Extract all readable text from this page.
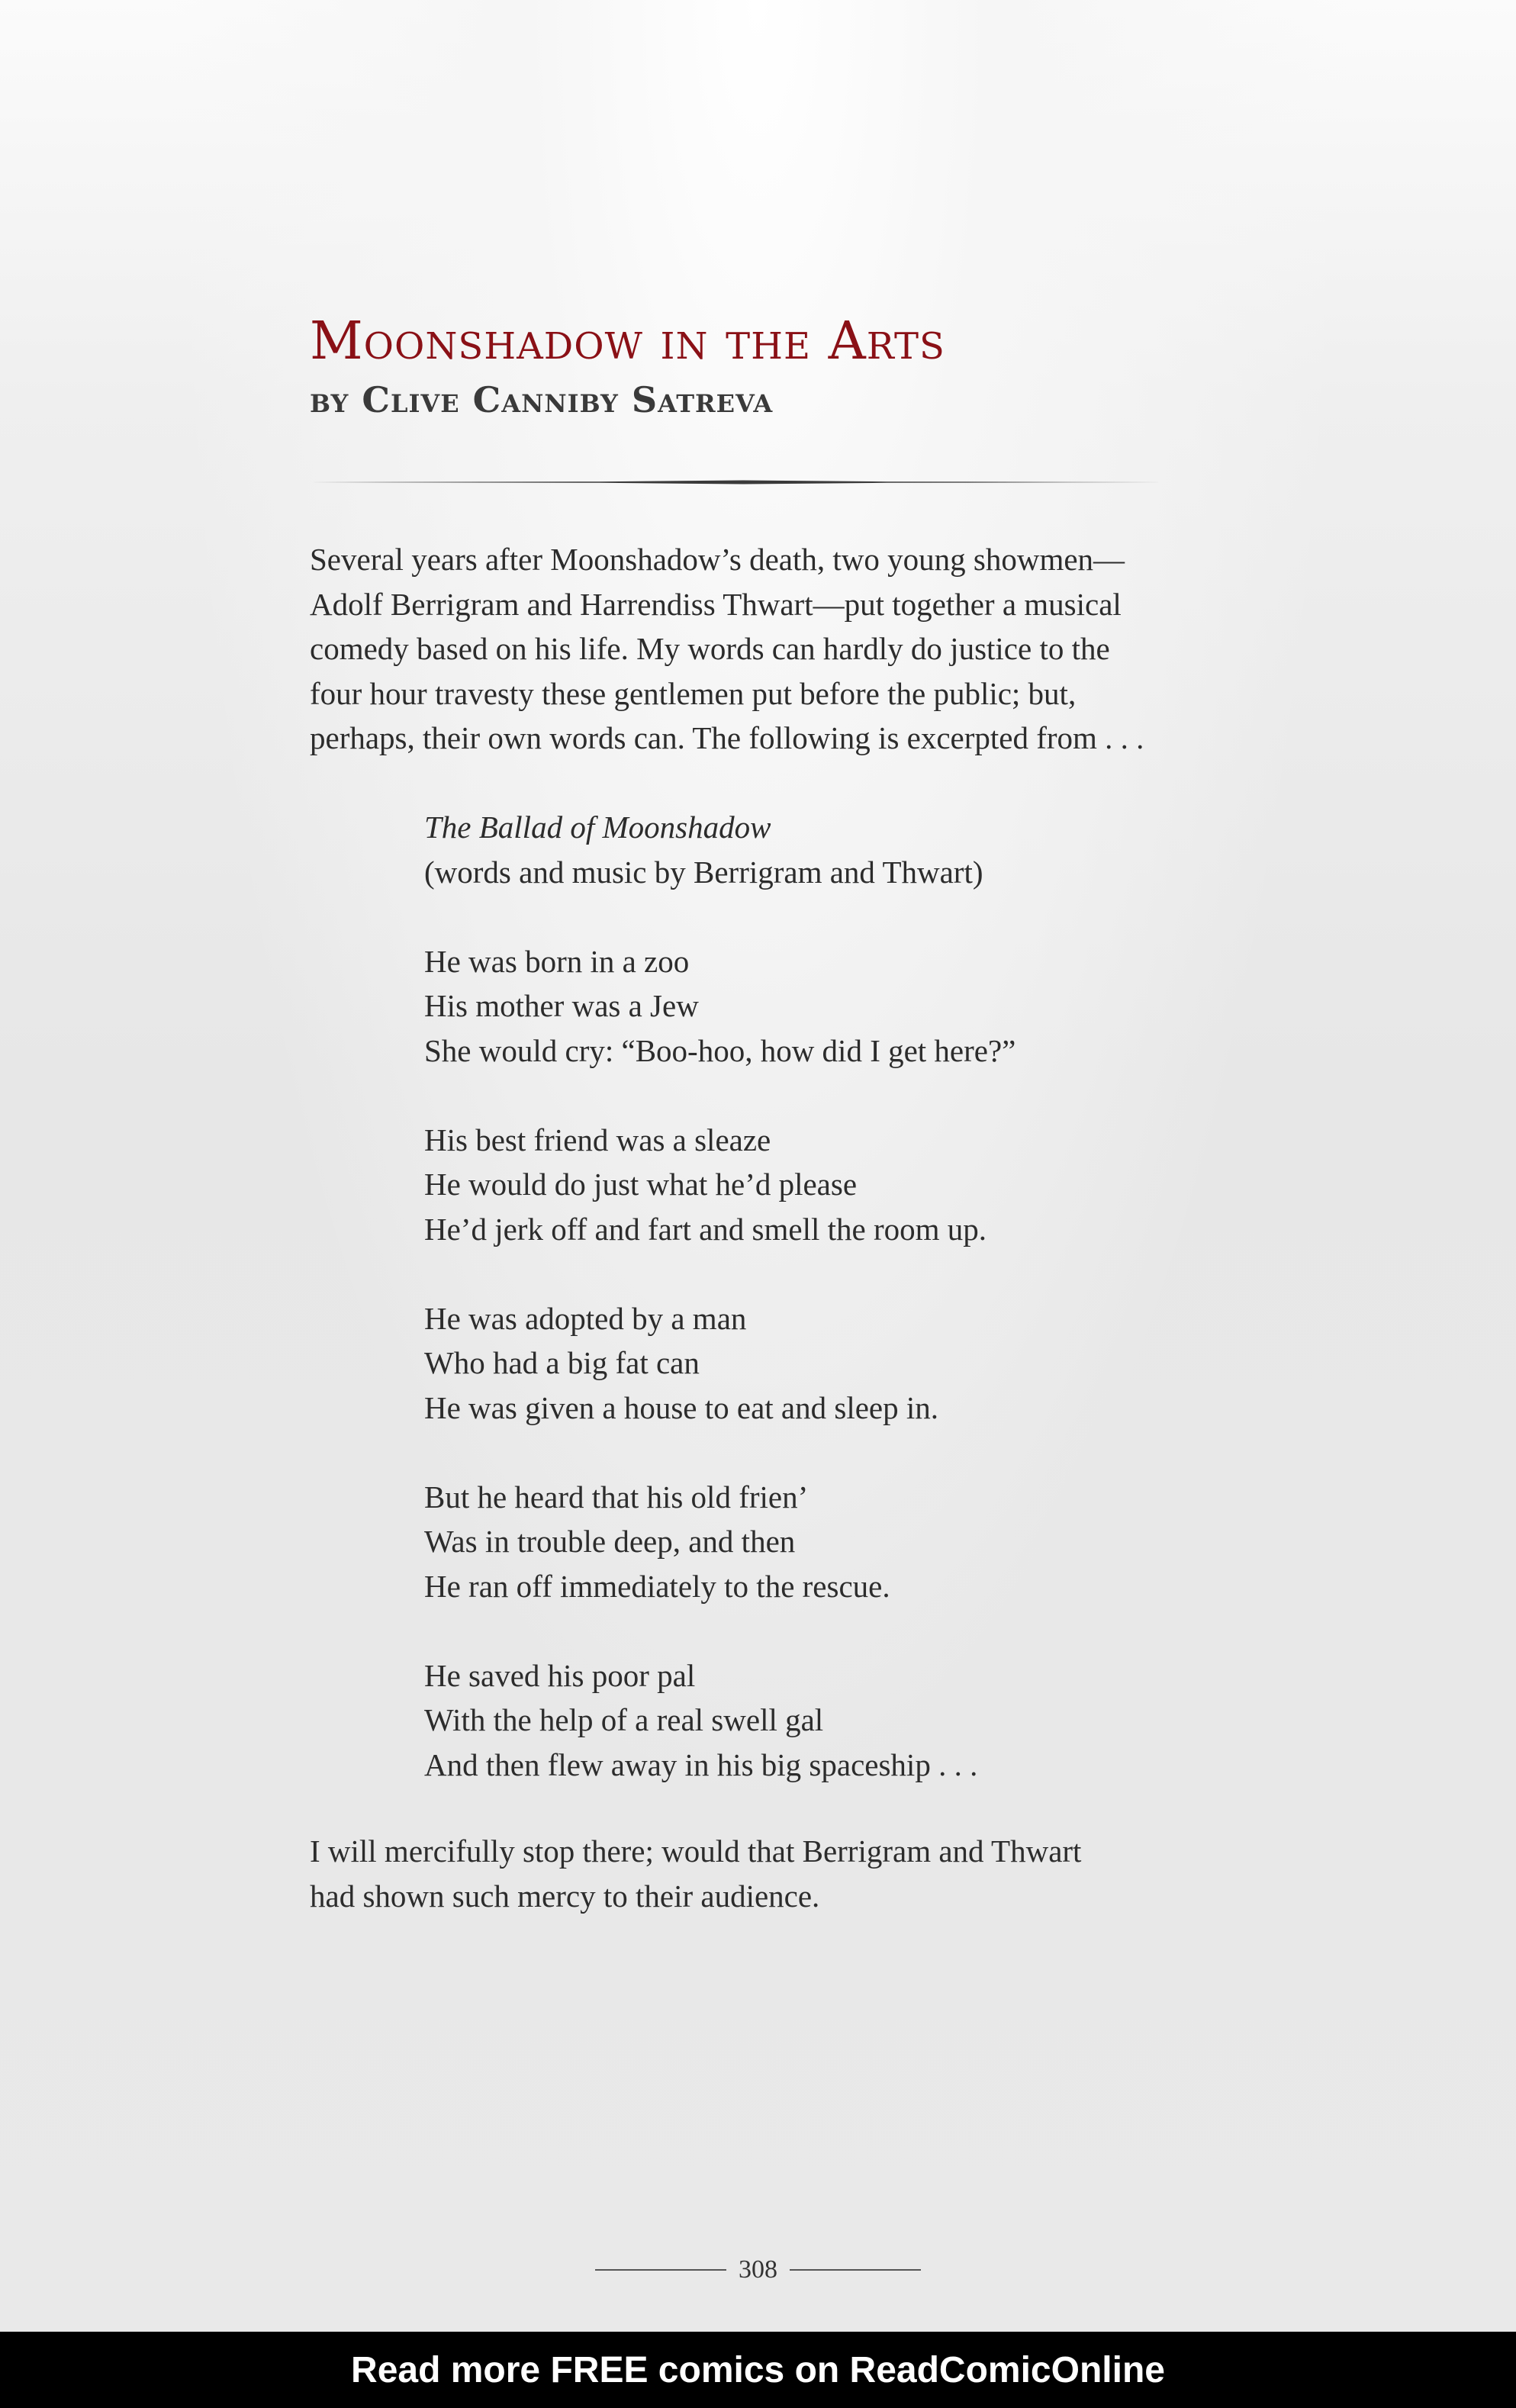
Moonshadow in the Arts
by Clive Canniby Satreva
Several years after Moonshadow’s death, two young showmen—
Adolf Berrigram and Harrendiss Thwart—put together a musical
comedy based on his life. My words can hardly do justice to the
four hour travesty these gentlemen put before the public; but,
perhaps, their own words can. The following is excerpted from . . .
The Ballad of Moonshadow
(words and music by Berrigram and Thwart)
He was born in a zoo
His mother was a Jew
She would cry: “Boo-hoo, how did I get here?”
His best friend was a sleaze
He would do just what he’d please
He’d jerk off and fart and smell the room up.
He was adopted by a man
Who had a big fat can
He was given a house to eat and sleep in.
But he heard that his old frien’
Was in trouble deep, and then
He ran off immediately to the rescue.
He saved his poor pal
With the help of a real swell gal
And then flew away in his big spaceship . . .
I will mercifully stop there; would that Berrigram and Thwart
had shown such mercy to their audience.
308
Read more FREE comics on ReadComicOnline
